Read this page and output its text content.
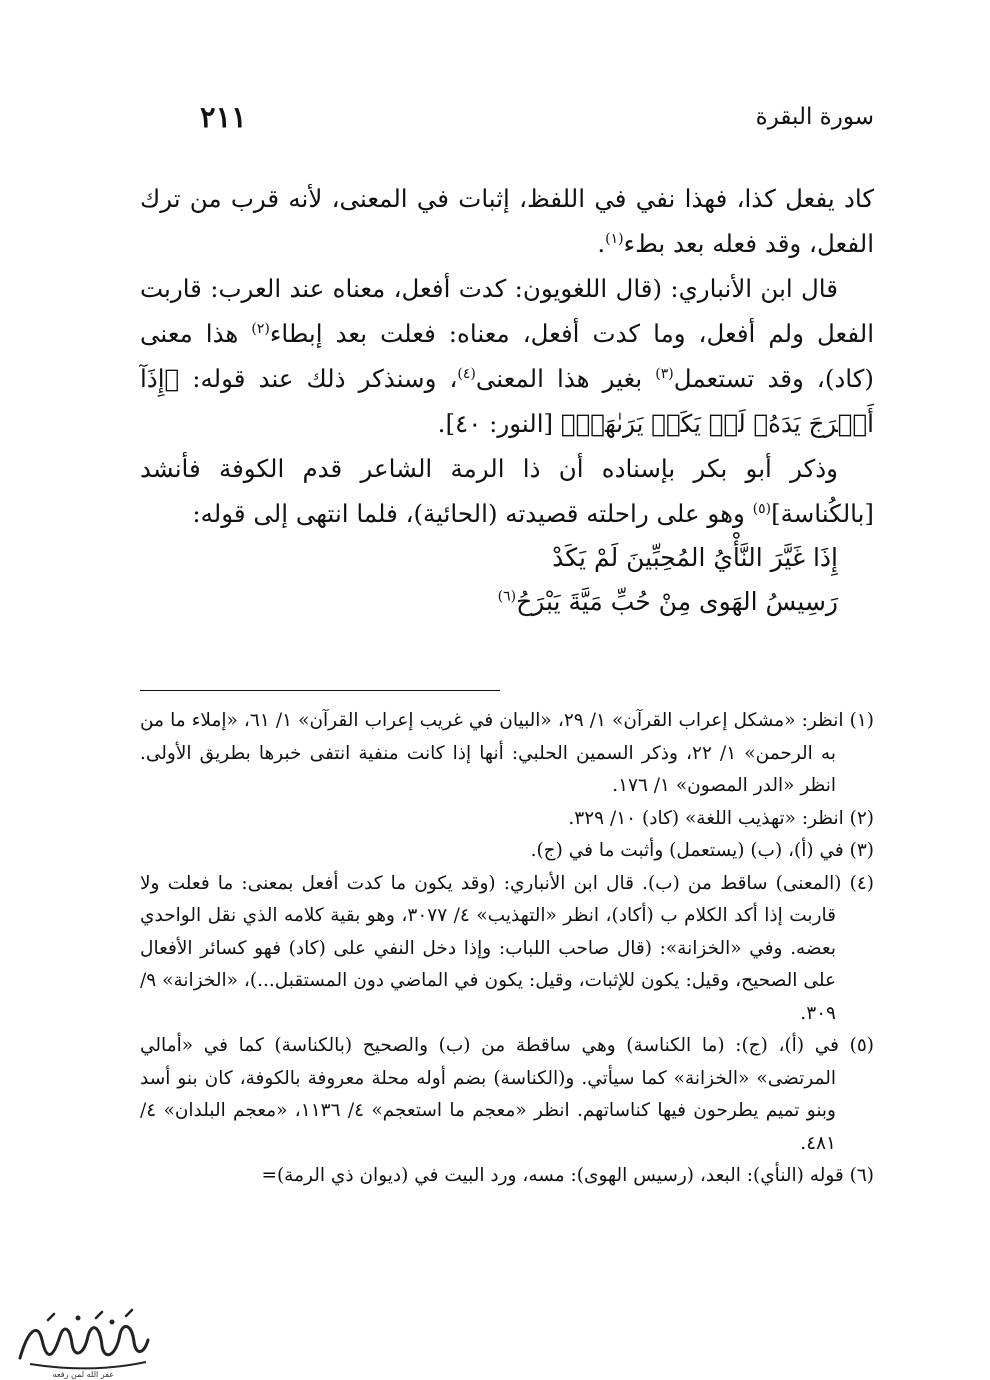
سورة البقرة
٢١١

كاد يفعل كذا، فهذا نفي في اللفظ، إثبات في المعنى، لأنه قرب من ترك الفعل، وقد فعله بعد بطء$^{(١)}$.

قال ابن الأنباري: (قال اللغويون: كدت أفعل، معناه عند العرب: قاربت الفعل ولم أفعل، وما كدت أفعل، معناه: فعلت بعد إبطاء$^{(٢)}$ هذا معنى (كاد)، وقد تستعمل$^{(٣)}$ بغير هذا المعنى$^{(٤)}$، وسنذكر ذلك عند قوله: ﴿إِذَآ أَخۡرَجَ يَدَهُۥ لَمۡ يَكَدۡ يَرَىٰهَاۗ﴾ [النور: ٤٠].

وذكر أبو بكر بإسناده أن ذا الرمة الشاعر قدم الكوفة فأنشد [بالكُناسة]$^{(٥)}$ وهو على راحلته قصيدته (الحائية)، فلما انتهى إلى قوله:

إِذَا غَيَّرَ النَّأْيُ المُحِبِّينَ لَمْ يَكَدْ

رَسِيسُ الهَوى مِنْ حُبِّ مَيَّةَ يَبْرَحُ$^{(٦)}$

(١) انظر: «مشكل إعراب القرآن» ١/ ٢٩، «البيان في غريب إعراب القرآن» ١/ ٦١، «إملاء ما من به الرحمن» ١/ ٢٢، وذكر السمين الحلبي: أنها إذا كانت منفية انتفى خبرها بطريق الأولى. انظر «الدر المصون» ١/ ١٧٦.

(٢) انظر: «تهذيب اللغة» (كاد) ١٠/ ٣٢٩.

(٣) في (أ)، (ب) (يستعمل) وأثبت ما في (ج).

(٤) (المعنى) ساقط من (ب). قال ابن الأنباري: (وقد يكون ما كدت أفعل بمعنى: ما فعلت ولا قاربت إذا أكد الكلام ب (أكاد)، انظر «التهذيب» ٤/ ٣٠٧٧، وهو بقية كلامه الذي نقل الواحدي بعضه. وفي «الخزانة»: (قال صاحب اللباب: وإذا دخل النفي على (كاد) فهو كسائر الأفعال على الصحيح، وقيل: يكون للإثبات، وقيل: يكون في الماضي دون المستقبل...)، «الخزانة» ٩/ ٣٠٩.

(٥) في (أ)، (ج): (ما الكناسة) وهي ساقطة من (ب) والصحيح (بالكناسة) كما في «أمالي المرتضى» «الخزانة» كما سيأتي. و(الكناسة) بضم أوله محلة معروفة بالكوفة، كان بنو أسد وبنو تميم يطرحون فيها كناساتهم. انظر «معجم ما استعجم» ٤/ ١١٣٦، «معجم البلدان» ٤/ ٤٨١.

(٦) قوله (النأي): البعد، (رسيس الهوى): مسه، ورد البيت في (ديوان ذي الرمة)=

غفر الله لمن رفعه
